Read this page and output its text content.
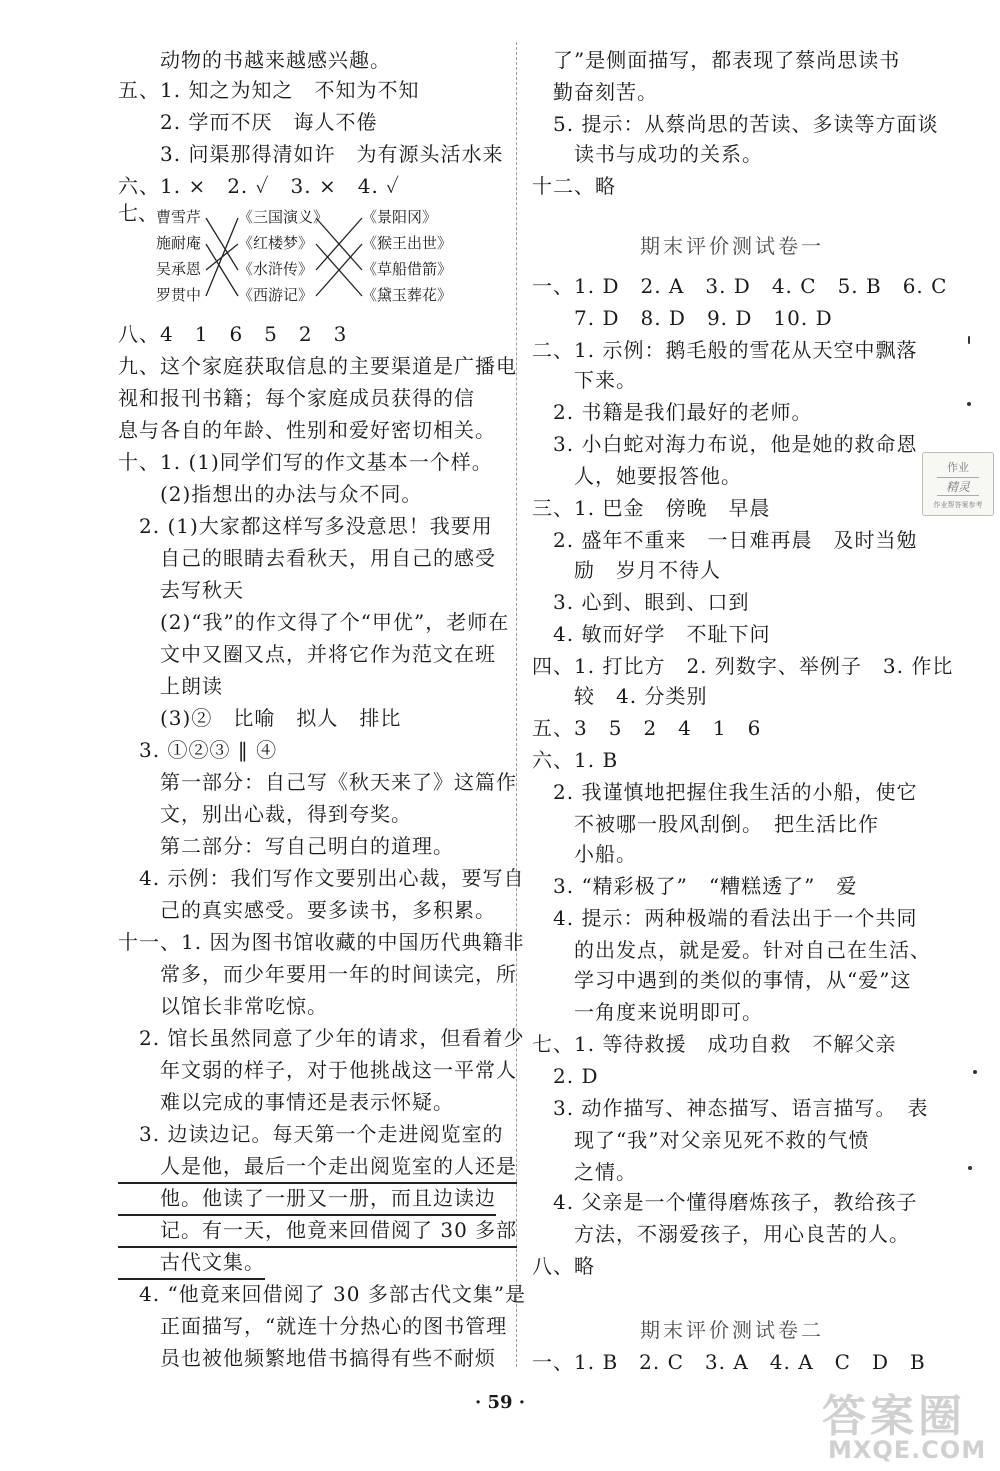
　　动物的书越来越感兴趣。
五、1. 知之为知之　不知为不知
　　2. 学而不厌　诲人不倦
　　3. 问渠那得清如许　为有源头活水来
六、1. ×　2. ✓　3. ×　4. ✓
七、
曹雪芹
施耐庵
吴承恩
罗贯中
《三国演义》
《红楼梦》
《水浒传》
《西游记》
《景阳冈》
《猴王出世》
《草船借箭》
《黛玉葬花》
八、4　1　6　5　2　3
九、这个家庭获取信息的主要渠道是广播电
视和报刊书籍；每个家庭成员获得的信
息与各自的年龄、性别和爱好密切相关。
十、1. (1)同学们写的作文基本一个样。
　　(2)指想出的办法与众不同。
　2. (1)大家都这样写多没意思！我要用
　　自己的眼睛去看秋天，用自己的感受
　　去写秋天
　　(2)“我”的作文得了个“甲优”，老师在
　　文中又圈又点，并将它作为范文在班
　　上朗读
　　(3)②　比喻　拟人　排比
　3. ①②③ ‖ ④
　　第一部分：自己写《秋天来了》这篇作
　　文，别出心裁，得到夸奖。
　　第二部分：写自己明白的道理。
　4. 示例：我们写作文要别出心裁，要写自
　　己的真实感受。要多读书，多积累。
十一、1. 因为图书馆收藏的中国历代典籍非
　　常多，而少年要用一年的时间读完，所
　　以馆长非常吃惊。
　2. 馆长虽然同意了少年的请求，但看着少
　　年文弱的样子，对于他挑战这一平常人
　　难以完成的事情还是表示怀疑。
　3. 边读边记。每天第一个走进阅览室的
　　人是他，最后一个走出阅览室的人还是
　　他。他读了一册又一册，而且边读边
　　记。有一天，他竟来回借阅了 30 多部
　　古代文集。
　4. “他竟来回借阅了 30 多部古代文集”是
　　正面描写，“就连十分热心的图书管理
　　员也被他频繁地借书搞得有些不耐烦
　了”是侧面描写，都表现了蔡尚思读书
　勤奋刻苦。
　5. 提示：从蔡尚思的苦读、多读等方面谈
　　读书与成功的关系。
十二、略
期末评价测试卷一
一、1. D　2. A　3. D　4. C　5. B　6. C
　　7. D　8. D　9. D　10. D
二、1. 示例：鹅毛般的雪花从天空中飘落
　　下来。
　2. 书籍是我们最好的老师。
　3. 小白蛇对海力布说，他是她的救命恩
　　人，她要报答他。
三、1. 巴金　傍晚　早晨
　2. 盛年不重来　一日难再晨　及时当勉
　　励　岁月不待人
　3. 心到、眼到、口到
　4. 敏而好学　不耻下问
四、1. 打比方　2. 列数字、举例子　3. 作比
　　较　4. 分类别
五、3　5　2　4　1　6
六、1. B
　2. 我谨慎地把握住我生活的小船，使它
　　不被哪一股风刮倒。　把生活比作
　　小船。
　3. “精彩极了”　“糟糕透了”　爱
　4. 提示：两种极端的看法出于一个共同
　　的出发点，就是爱。针对自己在生活、
　　学习中遇到的类似的事情，从“爱”这
　　一角度来说明即可。
七、1. 等待救援　成功自救　不解父亲
　2. D
　3. 动作描写、神态描写、语言描写。　表
　　现了“我”对父亲见死不救的气愤
　　之情。
　4. 父亲是一个懂得磨炼孩子，教给孩子
　　方法，不溺爱孩子，用心良苦的人。
八、略
期末评价测试卷二
一、1. B　2. C　3. A　4. A　C　D　B
作业
精灵
作业帮答案参考
· 59 ·	答案圈
MXQE.COM
